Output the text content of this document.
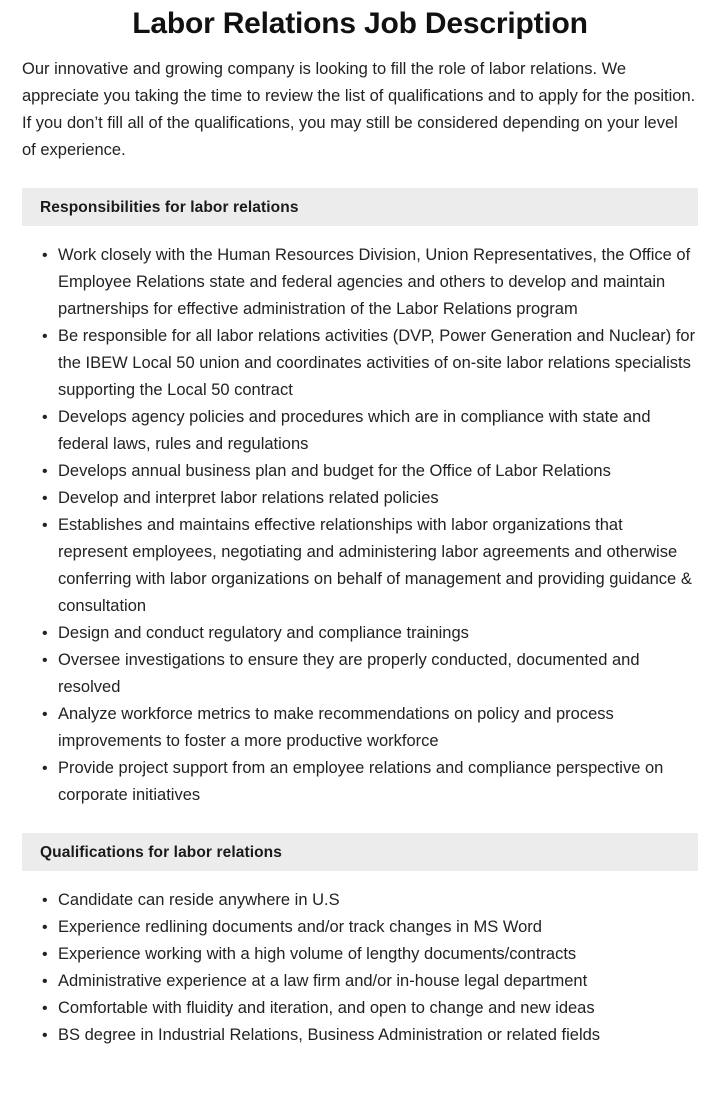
Labor Relations Job Description

Our innovative and growing company is looking to fill the role of labor relations. We appreciate you taking the time to review the list of qualifications and to apply for the position. If you don’t fill all of the qualifications, you may still be considered depending on your level of experience.

Responsibilities for labor relations
• Work closely with the Human Resources Division, Union Representatives, the Office of Employee Relations state and federal agencies and others to develop and maintain partnerships for effective administration of the Labor Relations program
• Be responsible for all labor relations activities (DVP, Power Generation and Nuclear) for the IBEW Local 50 union and coordinates activities of on-site labor relations specialists supporting the Local 50 contract
• Develops agency policies and procedures which are in compliance with state and federal laws, rules and regulations
• Develops annual business plan and budget for the Office of Labor Relations
• Develop and interpret labor relations related policies
• Establishes and maintains effective relationships with labor organizations that represent employees, negotiating and administering labor agreements and otherwise conferring with labor organizations on behalf of management and providing guidance & consultation
• Design and conduct regulatory and compliance trainings
• Oversee investigations to ensure they are properly conducted, documented and resolved
• Analyze workforce metrics to make recommendations on policy and process improvements to foster a more productive workforce
• Provide project support from an employee relations and compliance perspective on corporate initiatives
Qualifications for labor relations
• Candidate can reside anywhere in U.S
• Experience redlining documents and/or track changes in MS Word
• Experience working with a high volume of lengthy documents/contracts
• Administrative experience at a law firm and/or in-house legal department
• Comfortable with fluidity and iteration, and open to change and new ideas
• BS degree in Industrial Relations, Business Administration or related fields
